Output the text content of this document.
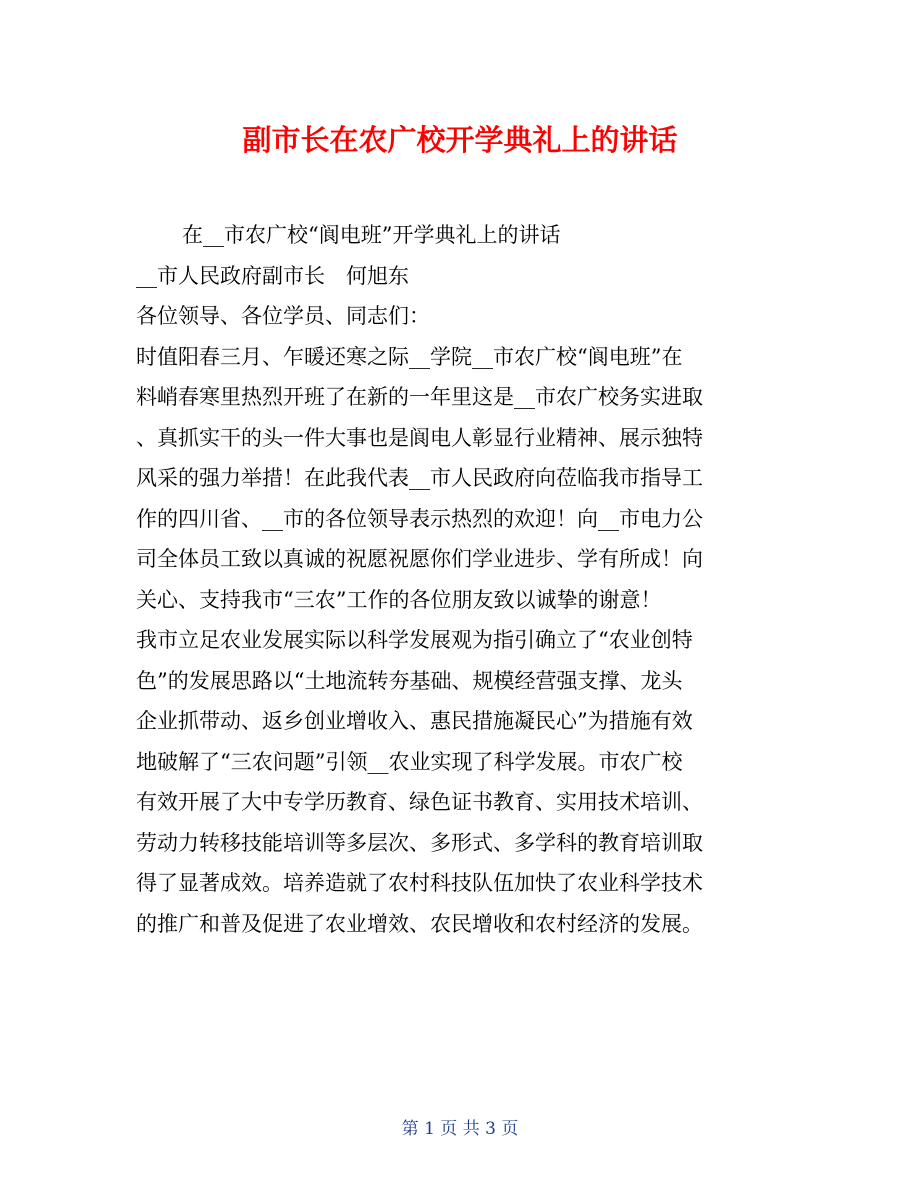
副市长在农广校开学典礼上的讲话

在__市农广校“阆电班”开学典礼上的讲话

__市人民政府副市长　何旭东

各位领导、各位学员、同志们：

时值阳春三月、乍暖还寒之际__学院__市农广校“阆电班”在

料峭春寒里热烈开班了在新的一年里这是__市农广校务实进取

、真抓实干的头一件大事也是阆电人彰显行业精神、展示独特

风采的强力举措！在此我代表__市人民政府向莅临我市指导工

作的四川省、__市的各位领导表示热烈的欢迎！向__市电力公

司全体员工致以真诚的祝愿祝愿你们学业进步、学有所成！向

关心、支持我市“三农”工作的各位朋友致以诚挚的谢意！

我市立足农业发展实际以科学发展观为指引确立了“农业创特

色”的发展思路以“土地流转夯基础、规模经营强支撑、龙头

企业抓带动、返乡创业增收入、惠民措施凝民心”为措施有效

地破解了“三农问题”引领__农业实现了科学发展。市农广校

有效开展了大中专学历教育、绿色证书教育、实用技术培训、

劳动力转移技能培训等多层次、多形式、多学科的教育培训取

得了显著成效。培养造就了农村科技队伍加快了农业科学技术

的推广和普及促进了农业增效、农民增收和农村经济的发展。

第 1 页 共 3 页
